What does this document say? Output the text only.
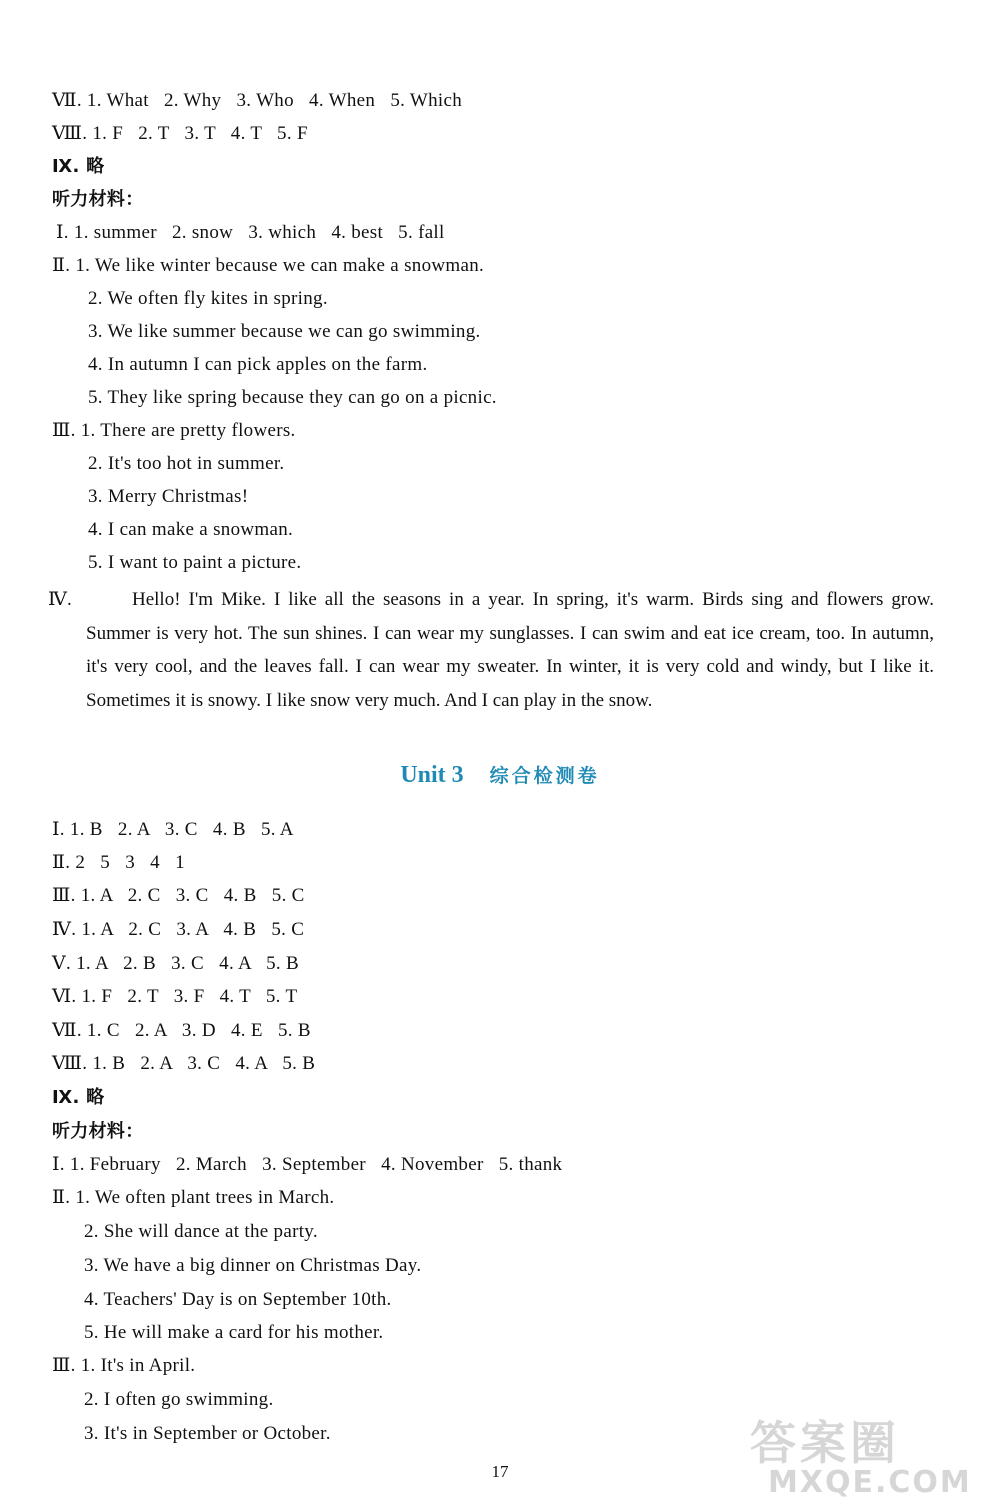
Ⅶ. 1. What   2. Why   3. Who   4. When   5. Which
Ⅷ. 1. F   2. T   3. T   4. T   5. F
Ⅸ. 略
听力材料：
Ⅰ. 1. summer   2. snow   3. which   4. best   5. fall
Ⅱ. 1. We like winter because we can make a snowman.
2. We often fly kites in spring.
3. We like summer because we can go swimming.
4. In autumn I can pick apples on the farm.
5. They like spring because they can go on a picnic.
Ⅲ. 1. There are pretty flowers.
2. It's too hot in summer.
3. Merry Christmas!
4. I can make a snowman.
5. I want to paint a picture.
Ⅳ.	Hello! I'm Mike. I like all the seasons in a year. In spring, it's warm. Birds sing and flowers grow. Summer is very hot. The sun shines. I can wear my sunglasses. I can swim and eat ice cream, too. In autumn, it's very cool, and the leaves fall. I can wear my sweater. In winter, it is very cold and windy, but I like it. Sometimes it is snowy. I like snow very much. And I can play in the snow.
Unit 3 综合检测卷
Ⅰ. 1. B   2. A   3. C   4. B   5. A
Ⅱ. 2   5   3   4   1
Ⅲ. 1. A   2. C   3. C   4. B   5. C
Ⅳ. 1. A   2. C   3. A   4. B   5. C
Ⅴ. 1. A   2. B   3. C   4. A   5. B
Ⅵ. 1. F   2. T   3. F   4. T   5. T
Ⅶ. 1. C   2. A   3. D   4. E   5. B
Ⅷ. 1. B   2. A   3. C   4. A   5. B
Ⅸ. 略
听力材料：
Ⅰ. 1. February   2. March   3. September   4. November   5. thank
Ⅱ. 1. We often plant trees in March.
2. She will dance at the party.
3. We have a big dinner on Christmas Day.
4. Teachers' Day is on September 10th.
5. He will make a card for his mother.
Ⅲ. 1. It's in April.
2. I often go swimming.
3. It's in September or October.
17
答案圈
MXQE.COM
